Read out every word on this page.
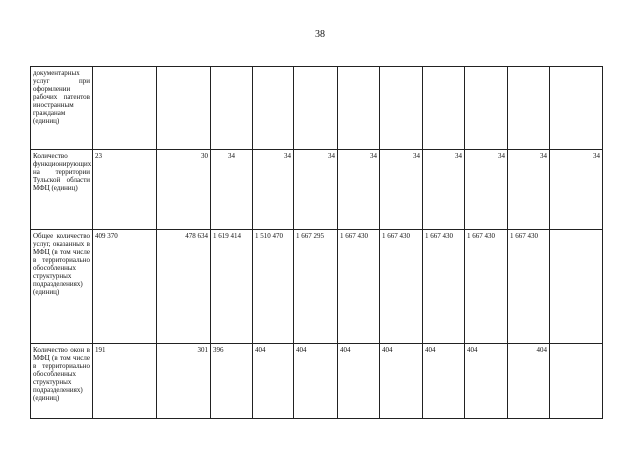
38
документарных услуг при оформлении рабочих патентов иностранным гражданам (единиц)											

Количество функционирующих на территории Тульской области МФЦ (единиц)	23	30	34	34	34	34	34	34	34	34	34

Общее количество услуг, оказанных в МФЦ (в том числе в территориально обособленных структурных подразделениях) (единиц)	409 370	478 634	1 619 414	1 510 470	1 667 295	1 667 430	1 667 430	1 667 430	1 667 430	1 667 430	

Количество окон в МФЦ (в том числе в территориально обособленных структурных подразделениях) (единиц)	191	301	396	404	404	404	404	404	404	404	
